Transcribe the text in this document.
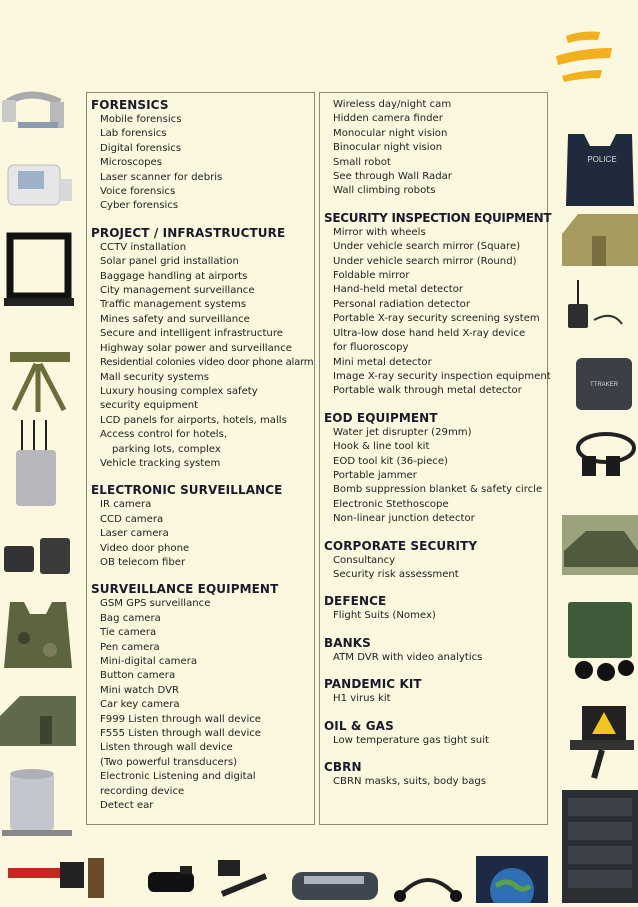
POLICE
TTRAKER
FORENSICS
Mobile forensics
Lab forensics
Digital forensics
Microscopes
Laser scanner for debris
Voice forensics
Cyber forensics
PROJECT / INFRASTRUCTURE
CCTV installation
Solar panel grid installation
Baggage handling at airports
City management surveillance
Traffic management systems
Mines safety and surveillance
Secure and intelligent infrastructure
Highway solar power and surveillance
Residential colonies video door phone alarm
Mall security systems
Luxury housing complex safety
security equipment
LCD panels for airports, hotels, malls
Access control for hotels,
parking lots, complex
Vehicle tracking system
ELECTRONIC SURVEILLANCE
IR camera
CCD camera
Laser camera
Video door phone
OB telecom fiber
SURVEILLANCE EQUIPMENT
GSM GPS surveillance
Bag camera
Tie camera
Pen camera
Mini-digital camera
Button camera
Mini watch DVR
Car key camera
F999 Listen through wall device
F555 Listen through wall device
Listen through wall device
(Two powerful transducers)
Electronic Listening and digital
recording device
Detect ear
Wireless day/night cam
Hidden camera finder
Monocular night vision
Binocular night vision
Small robot
See through Wall Radar
Wall climbing robots
SECURITY INSPECTION EQUIPMENT
Mirror with wheels
Under vehicle search mirror (Square)
Under vehicle search mirror (Round)
Foldable mirror
Hand-held metal detector
Personal radiation detector
Portable X-ray security screening system
Ultra-low dose hand held X-ray device
for fluoroscopy
Mini metal detector
Image X-ray security inspection equipment
Portable walk through metal detector
EOD EQUIPMENT
Water jet disrupter (29mm)
Hook & line tool kit
EOD tool kit (36-piece)
Portable jammer
Bomb suppression blanket & safety circle
Electronic Stethoscope
Non-linear junction detector
CORPORATE SECURITY
Consultancy
Security risk assessment
DEFENCE
Flight Suits (Nomex)
BANKS
ATM DVR with video analytics
PANDEMIC KIT
H1 virus kit
OIL & GAS
Low temperature gas tight suit
CBRN
CBRN masks, suits, body bags
